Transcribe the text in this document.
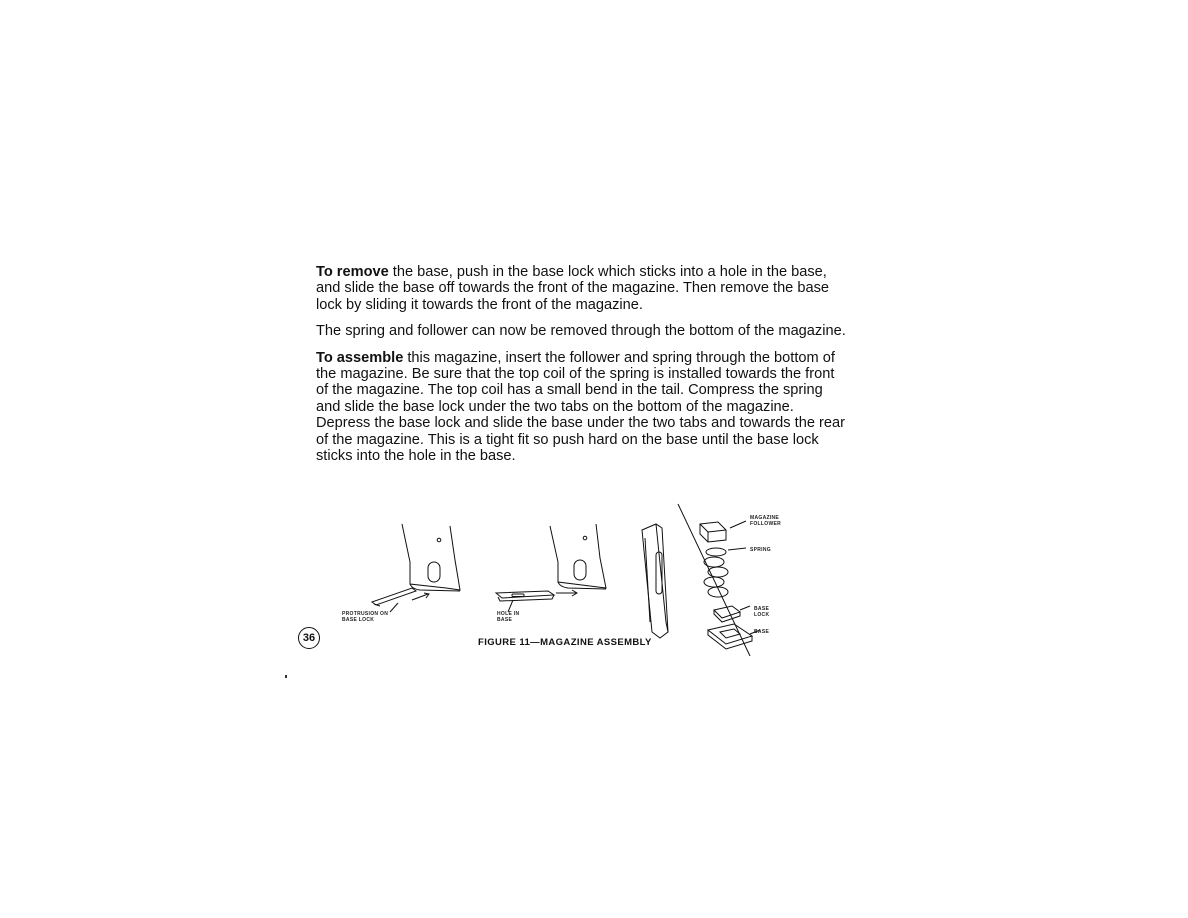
To remove the base, push in the base lock which sticks into a hole in the base, and slide the base off towards the front of the magazine. Then remove the base lock by sliding it towards the front of the magazine.

The spring and follower can now be removed through the bottom of the magazine.

To assemble this magazine, insert the follower and spring through the bottom of the magazine. Be sure that the top coil of the spring is installed towards the front of the magazine. The top coil has a small bend in the tail. Compress the spring and slide the base lock under the two tabs on the bottom of the magazine. Depress the base lock and slide the base under the two tabs and towards the rear of the magazine. This is a tight fit so push hard on the base until the base lock sticks into the hole in the base.

PROTRUSION ON
BASE LOCK
HOLE IN
BASE
MAGAZINE
FOLLOWER
SPRING
BASE
LOCK
BASE
FIGURE 11—MAGAZINE ASSEMBLY
36
